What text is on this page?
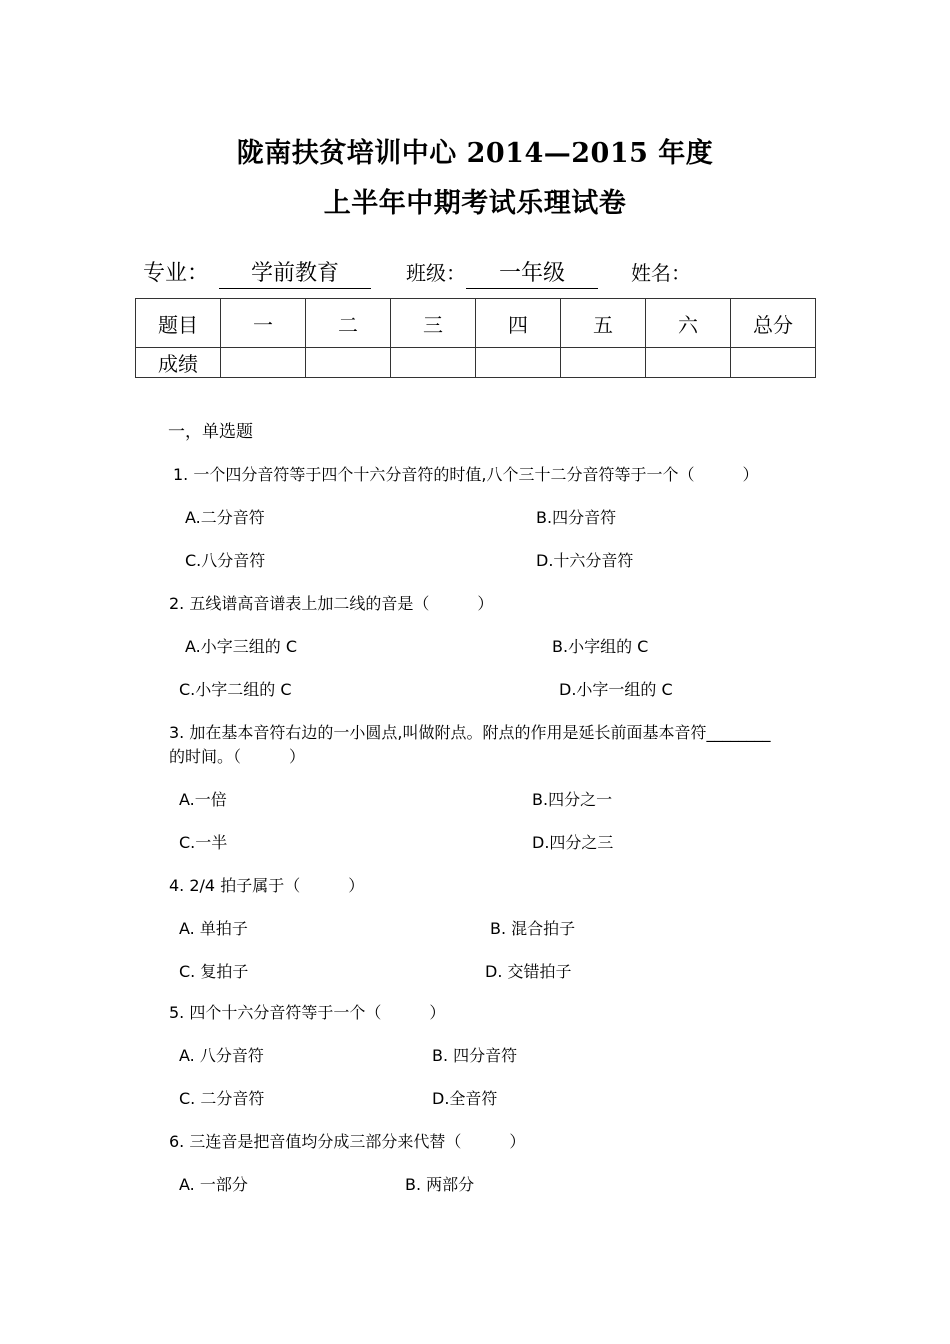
陇南扶贫培训中心 2014—2015 年度
上半年中期考试乐理试卷
专业： 学前教育	班级： 一年级	姓名：
题目	一	二	三	四	五	六	总分
成绩							
一，单选题
1. 一个四分音符等于四个十六分音符的时值,八个三十二分音符等于一个（　　　）
A.二分音符	B.四分音符
C.八分音符	D.十六分音符
2. 五线谱高音谱表上加二线的音是（　　　）
A.小字三组的 C	B.小字组的 C
C.小字二组的 C	D.小字一组的 C
3. 加在基本音符右边的一小圆点,叫做附点。附点的作用是延长前面基本音符________
的时间。（　　　）
A.一倍	B.四分之一
C.一半	D.四分之三
4. 2/4 拍子属于（　　　）
A. 单拍子	B. 混合拍子
C. 复拍子	D. 交错拍子
5. 四个十六分音符等于一个（　　　）
A. 八分音符	B. 四分音符
C. 二分音符	D.全音符
6. 三连音是把音值均分成三部分来代替（　　　）
A. 一部分	B. 两部分
